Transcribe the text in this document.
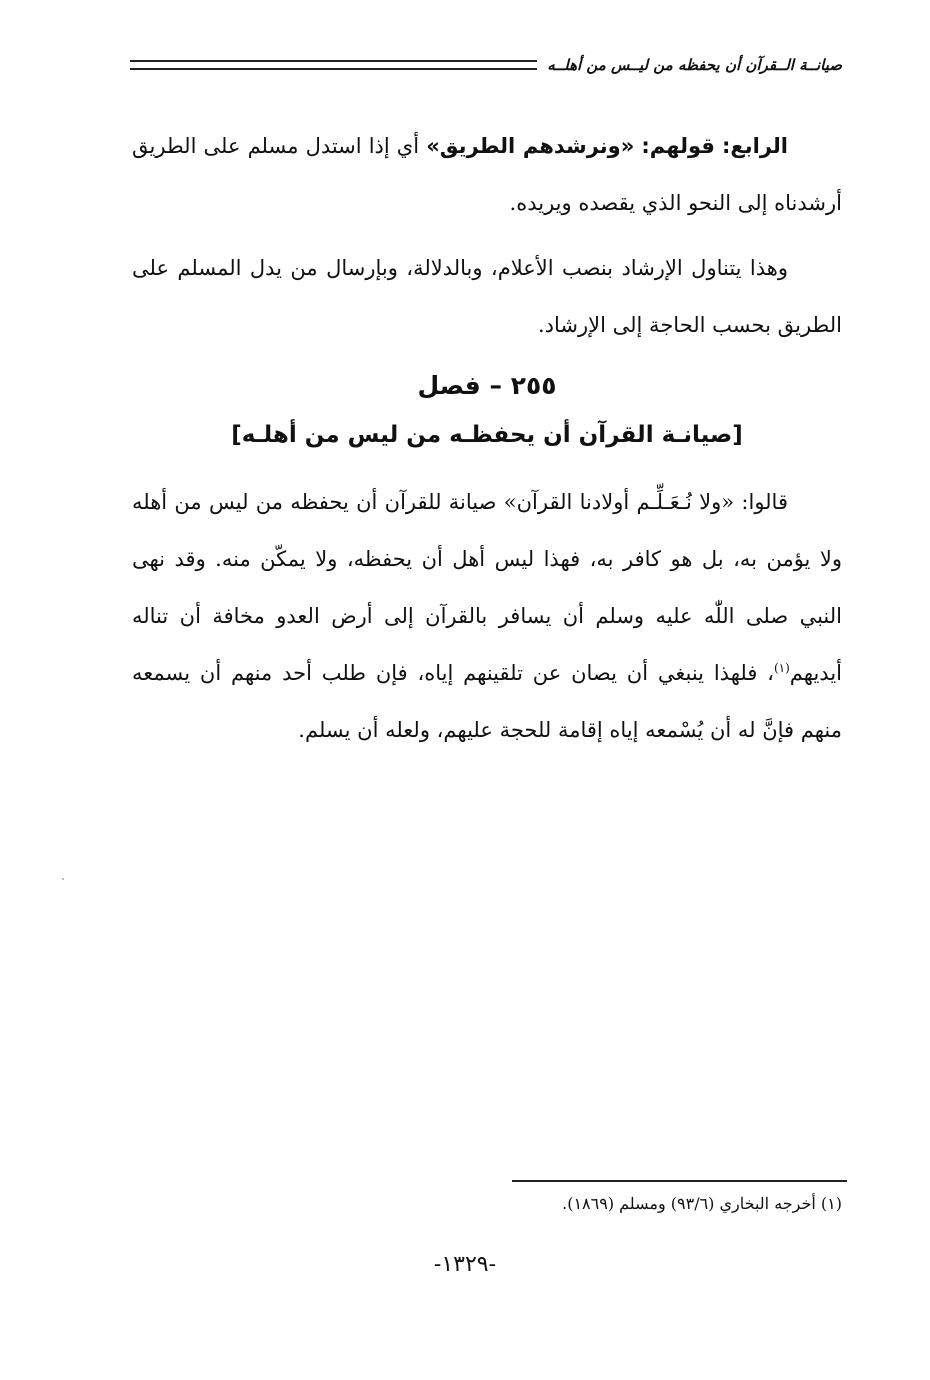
صيانــة الــقرآن أن يحفظه من ليــس من أهلــه

الرابع: قولهم: «ونرشدهم الطريق» أي إذا استدل مسلم على الطريق أرشدناه إلى النحو الذي يقصده ويريده.

وهذا يتناول الإرشاد بنصب الأعلام، وبالدلالة، وبإرسال من يدل المسلم على الطريق بحسب الحاجة إلى الإرشاد.

٢٥٥ – فصل
[صيانـة القرآن أن يحفظـه من ليس من أهلـه]

قالوا: «ولا نُـعَـلِّـم أولادنا القرآن» صيانة للقرآن أن يحفظه من ليس من أهله ولا يؤمن به، بل هو كافر به، فهذا ليس أهل أن يحفظه، ولا يمكّن منه. وقد نهى النبي صلى اللّٰه عليه وسلم أن يسافر بالقرآن إلى أرض العدو مخافة أن تناله أيديهم$^{(١)}$، فلهذا ينبغي أن يصان عن تلقينهم إياه، فإن طلب أحد منهم أن يسمعه منهم فإنَّ له أن يُسْمعه إياه إقامة للحجة عليهم، ولعله أن يسلم.

(١) أخرجه البخاري (٩٣/٦) ومسلم (١٨٦٩).
-١٣٢٩-
